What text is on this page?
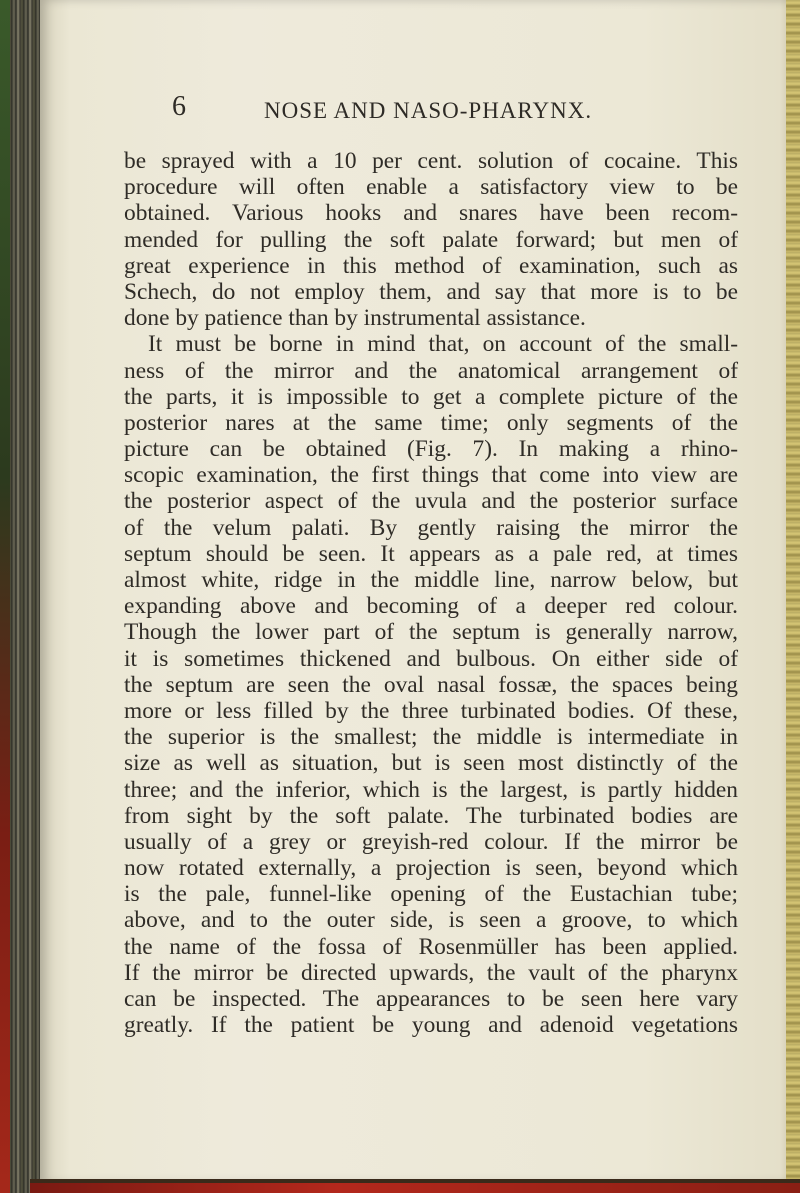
6	NOSE AND NASO-PHARYNX.
be sprayed with a 10 per cent. solution of cocaine. This
procedure will often enable a satisfactory view to be
obtained. Various hooks and snares have been recom-
mended for pulling the soft palate forward; but men of
great experience in this method of examination, such as
Schech, do not employ them, and say that more is to be
done by patience than by instrumental assistance.
It must be borne in mind that, on account of the small-
ness of the mirror and the anatomical arrangement of
the parts, it is impossible to get a complete picture of the
posterior nares at the same time; only segments of the
picture can be obtained (Fig. 7). In making a rhino-
scopic examination, the first things that come into view are
the posterior aspect of the uvula and the posterior surface
of the velum palati. By gently raising the mirror the
septum should be seen. It appears as a pale red, at times
almost white, ridge in the middle line, narrow below, but
expanding above and becoming of a deeper red colour.
Though the lower part of the septum is generally narrow,
it is sometimes thickened and bulbous. On either side of
the septum are seen the oval nasal fossæ, the spaces being
more or less filled by the three turbinated bodies. Of these,
the superior is the smallest; the middle is intermediate in
size as well as situation, but is seen most distinctly of the
three; and the inferior, which is the largest, is partly hidden
from sight by the soft palate. The turbinated bodies are
usually of a grey or greyish-red colour. If the mirror be
now rotated externally, a projection is seen, beyond which
is the pale, funnel-like opening of the Eustachian tube;
above, and to the outer side, is seen a groove, to which
the name of the fossa of Rosenmüller has been applied.
If the mirror be directed upwards, the vault of the pharynx
can be inspected. The appearances to be seen here vary
greatly. If the patient be young and adenoid vegetations
